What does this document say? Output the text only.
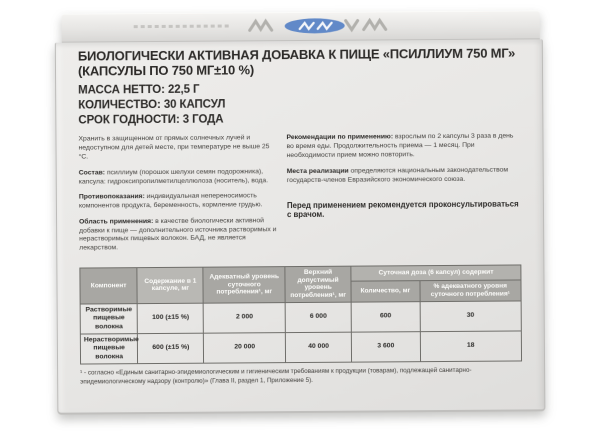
БИОЛОГИЧЕСКИ АКТИВНАЯ ДОБАВКА К ПИЩЕ «ПСИЛЛИУМ 750 МГ»
(КАПСУЛЫ ПО 750 МГ±10 %)
МАССА НЕТТО: 22,5 Г
КОЛИЧЕСТВО: 30 КАПСУЛ
СРОК ГОДНОСТИ: 3 ГОДА

Хранить в защищенном от прямых солнечных лучей и недоступном для детей месте, при температуре не выше 25 °С.

Состав: псиллиум (порошок шелухи семян подорожника), капсула: гидроксипропилметилцеллюлоза (носитель), вода.

Противопоказания: индивидуальная непереносимость компонентов продукта, беременность, кормление грудью.

Область применения: в качестве биологически активной добавки к пище — дополнительного источника растворимых и нерастворимых пищевых волокон. БАД, не является лекарством.

Рекомендации по применению: взрослым по 2 капсулы 3 раза в день во время еды. Продолжительность приема — 1 месяц. При необходимости прием можно повторить.

Места реализации определяются национальным законодательством государств-членов Евразийского экономического союза.

Перед применением рекомендуется проконсультироваться с врачом.
Компонент	Содержание в 1 капсуле, мг	Адекватный уровень суточного потребления¹, мг	Верхний допустимый уровень потребления¹, мг	Суточная доза (6 капсул) содержит	
				Количество, мг	% адекватного уровня суточного потребления¹
Растворимые пищевые волокна	100 (±15 %)	2 000	6 000	600	30
Нерастворимые пищевые волокна	600 (±15 %)	20 000	40 000	3 600	18
¹ - согласно «Единым санитарно-эпидемиологическим и гигиеническим требованиям к продукции (товарам), подлежащей санитарно-эпидемиологическому надзору (контролю)» (Глава II, раздел 1, Приложение 5).
